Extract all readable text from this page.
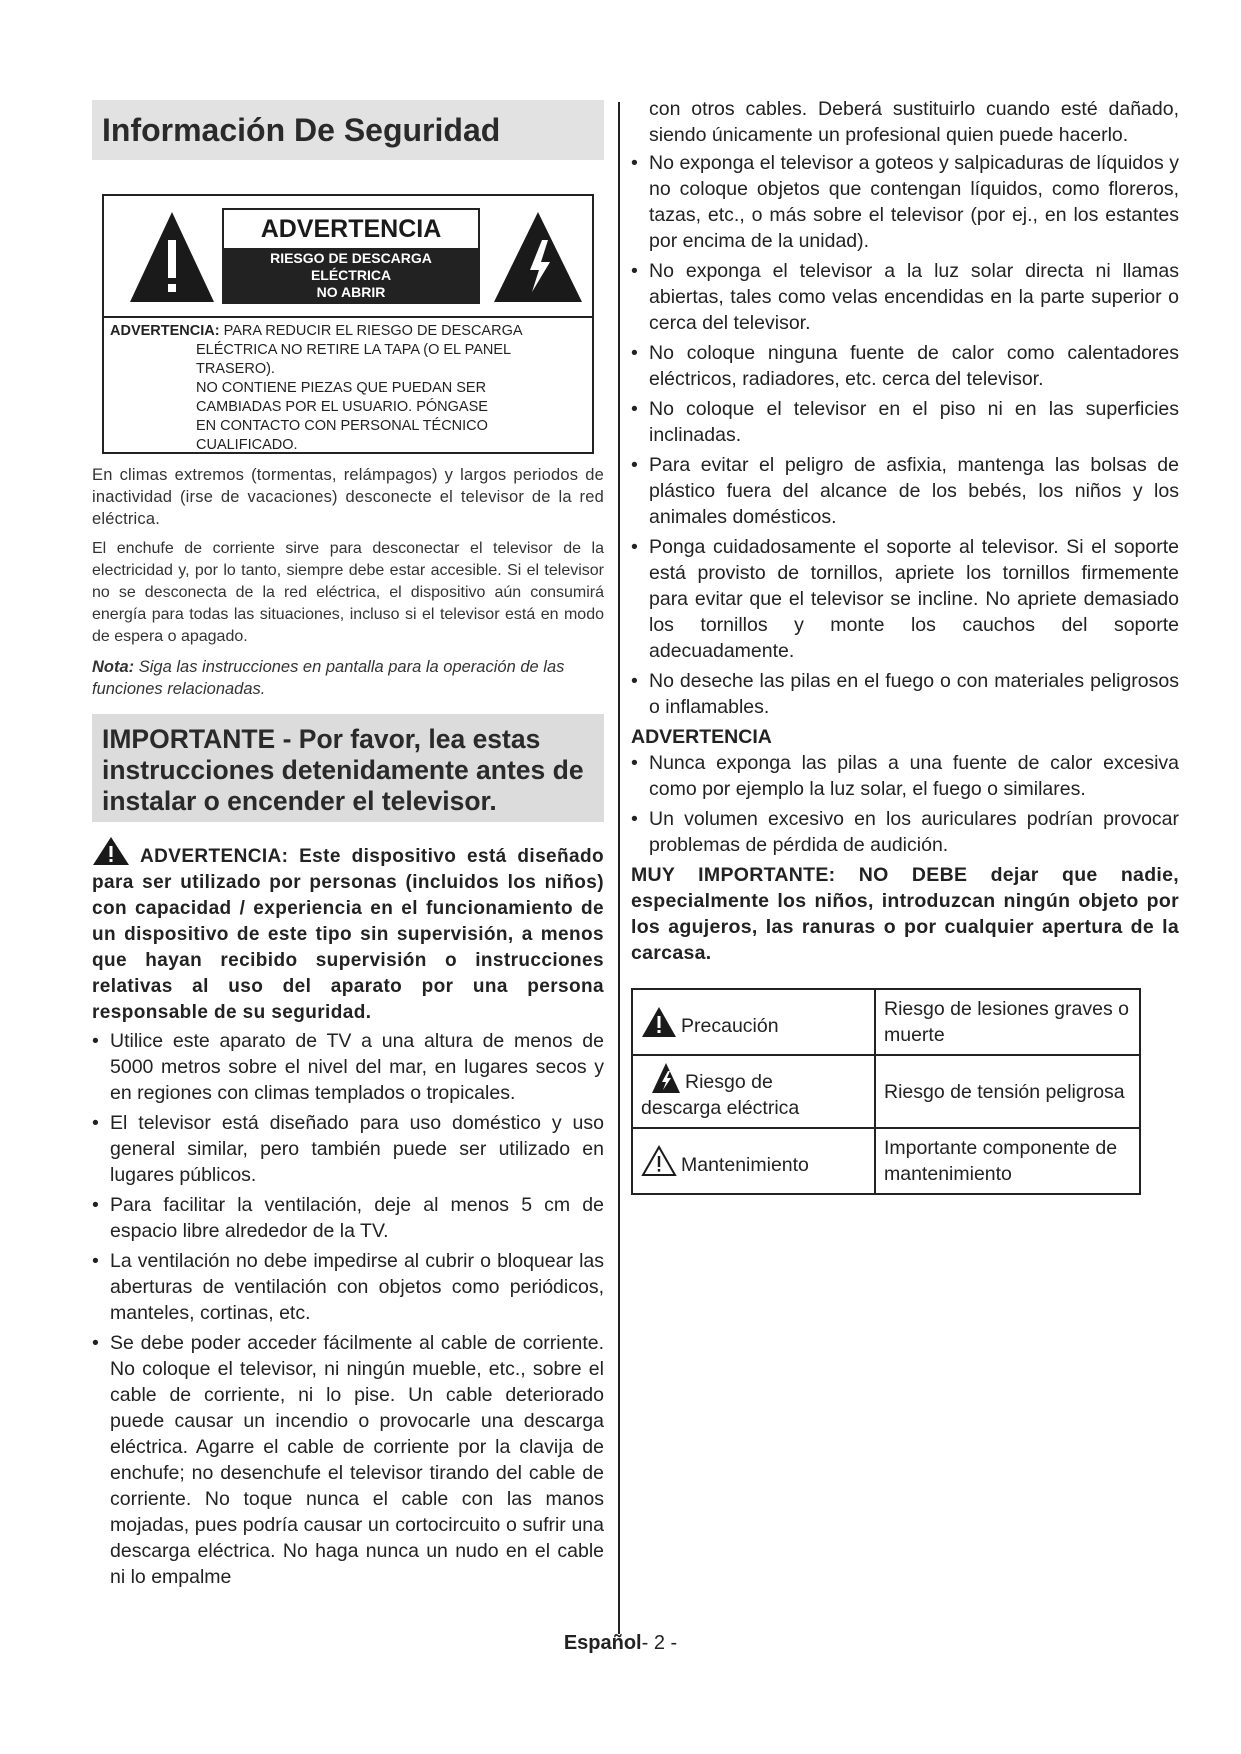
Información De Seguridad
ADVERTENCIA
RIESGO DE DESCARGA
ELÉCTRICA
NO ABRIR
ADVERTENCIA: PARA REDUCIR EL RIESGO DE DESCARGA
ELÉCTRICA NO RETIRE LA TAPA (O EL PANEL
TRASERO).
NO CONTIENE PIEZAS QUE PUEDAN SER
CAMBIADAS POR EL USUARIO. PÓNGASE
EN CONTACTO CON PERSONAL TÉCNICO
CUALIFICADO.

En climas extremos (tormentas, relámpagos) y largos periodos de inactividad (irse de vacaciones) desconecte el televisor de la red eléctrica.

El enchufe de corriente sirve para desconectar el televisor de la electricidad y, por lo tanto, siempre debe estar accesible. Si el televisor no se desconecta de la red eléctrica, el dispositivo aún consumirá energía para todas las situaciones, incluso si el televisor está en modo de espera o apagado.

Nota: Siga las instrucciones en pantalla para la operación de las funciones relacionadas.

IMPORTANTE - Por favor, lea estas instrucciones detenidamente antes de instalar o encender el televisor.

ADVERTENCIA: Este dispositivo está diseñado para ser utilizado por personas (incluidos los niños) con capacidad / experiencia en el funcionamiento de un dispositivo de este tipo sin supervisión, a menos que hayan recibido supervisión o instrucciones relativas al uso del aparato por una persona responsable de su seguridad.

• Utilice este aparato de TV a una altura de menos de 5000 metros sobre el nivel del mar, en lugares secos y en regiones con climas templados o tropicales.
• El televisor está diseñado para uso doméstico y uso general similar, pero también puede ser utilizado en lugares públicos.
• Para facilitar la ventilación, deje al menos 5 cm de espacio libre alrededor de la TV.
• La ventilación no debe impedirse al cubrir o bloquear las aberturas de ventilación con objetos como periódicos, manteles, cortinas, etc.
• Se debe poder acceder fácilmente al cable de corriente. No coloque el televisor, ni ningún mueble, etc., sobre el cable de corriente, ni lo pise. Un cable deteriorado puede causar un incendio o provocarle una descarga eléctrica. Agarre el cable de corriente por la clavija de enchufe; no desenchufe el televisor tirando del cable de corriente. No toque nunca el cable con las manos mojadas, pues podría causar un cortocircuito o sufrir una descarga eléctrica. No haga nunca un nudo en el cable ni lo empalme

con otros cables. Deberá sustituirlo cuando esté dañado, siendo únicamente un profesional quien puede hacerlo.

• No exponga el televisor a goteos y salpicaduras de líquidos y no coloque objetos que contengan líquidos, como floreros, tazas, etc., o más sobre el televisor (por ej., en los estantes por encima de la unidad).
• No exponga el televisor a la luz solar directa ni llamas abiertas, tales como velas encendidas en la parte superior o cerca del televisor.
• No coloque ninguna fuente de calor como calentadores eléctricos, radiadores, etc. cerca del televisor.
• No coloque el televisor en el piso ni en las superficies inclinadas.
• Para evitar el peligro de asfixia, mantenga las bolsas de plástico fuera del alcance de los bebés, los niños y los animales domésticos.
• Ponga cuidadosamente el soporte al televisor. Si el soporte está provisto de tornillos, apriete los tornillos firmemente para evitar que el televisor se incline. No apriete demasiado los tornillos y monte los cauchos del soporte adecuadamente.
• No deseche las pilas en el fuego o con materiales peligrosos o inflamables.
ADVERTENCIA
• Nunca exponga las pilas a una fuente de calor excesiva como por ejemplo la luz solar, el fuego o similares.
• Un volumen excesivo en los auriculares podrían provocar problemas de pérdida de audición.

MUY IMPORTANTE: NO DEBE dejar que nadie, especialmente los niños, introduzcan ningún objeto por los agujeros, las ranuras o por cualquier apertura de la carcasa.

Precaución	Riesgo de lesiones graves o muerte

Riesgo de
descarga eléctrica	Riesgo de tensión peligrosa
Mantenimiento	Importante componente de mantenimiento
Español- 2 -
